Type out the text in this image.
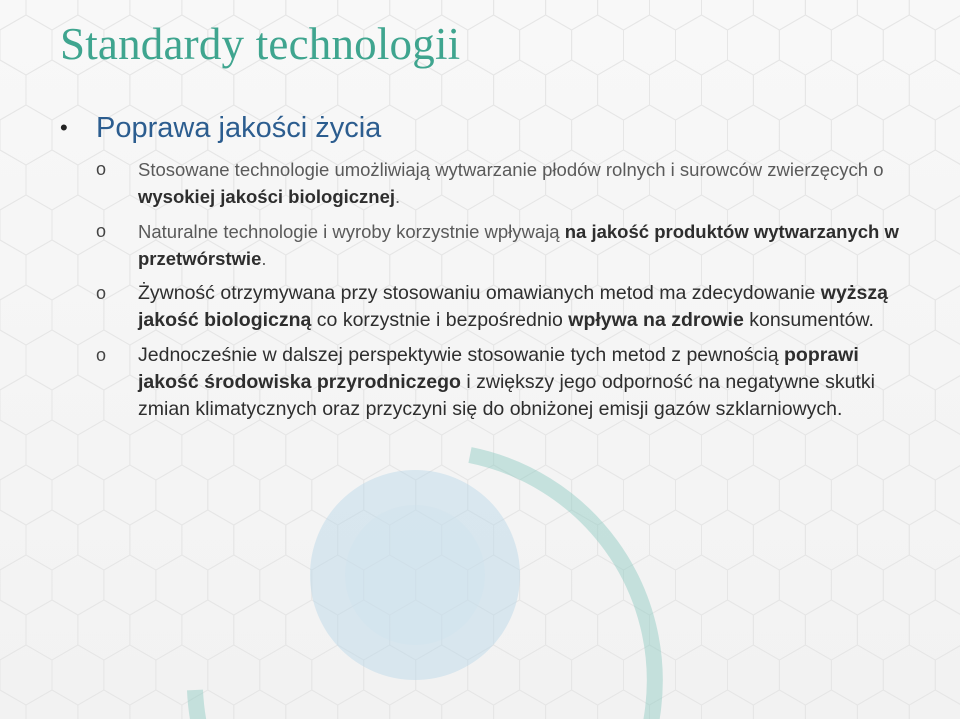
Standardy technologii
• Poprawa jakości życia
o Stosowane technologie umożliwiają wytwarzanie płodów rolnych i surowców zwierzęcych o wysokiej jakości biologicznej.
o Naturalne technologie i wyroby korzystnie wpływają na jakość produktów wytwarzanych w przetwórstwie.
o Żywność otrzymywana przy stosowaniu omawianych metod ma zdecydowanie wyższą jakość biologiczną co korzystnie i bezpośrednio wpływa na zdrowie konsumentów.
o Jednocześnie w dalszej perspektywie stosowanie tych metod z pewnością poprawi jakość środowiska przyrodniczego i zwiększy jego odporność na negatywne skutki zmian klimatycznych oraz przyczyni się do obniżonej emisji gazów szklarniowych.
